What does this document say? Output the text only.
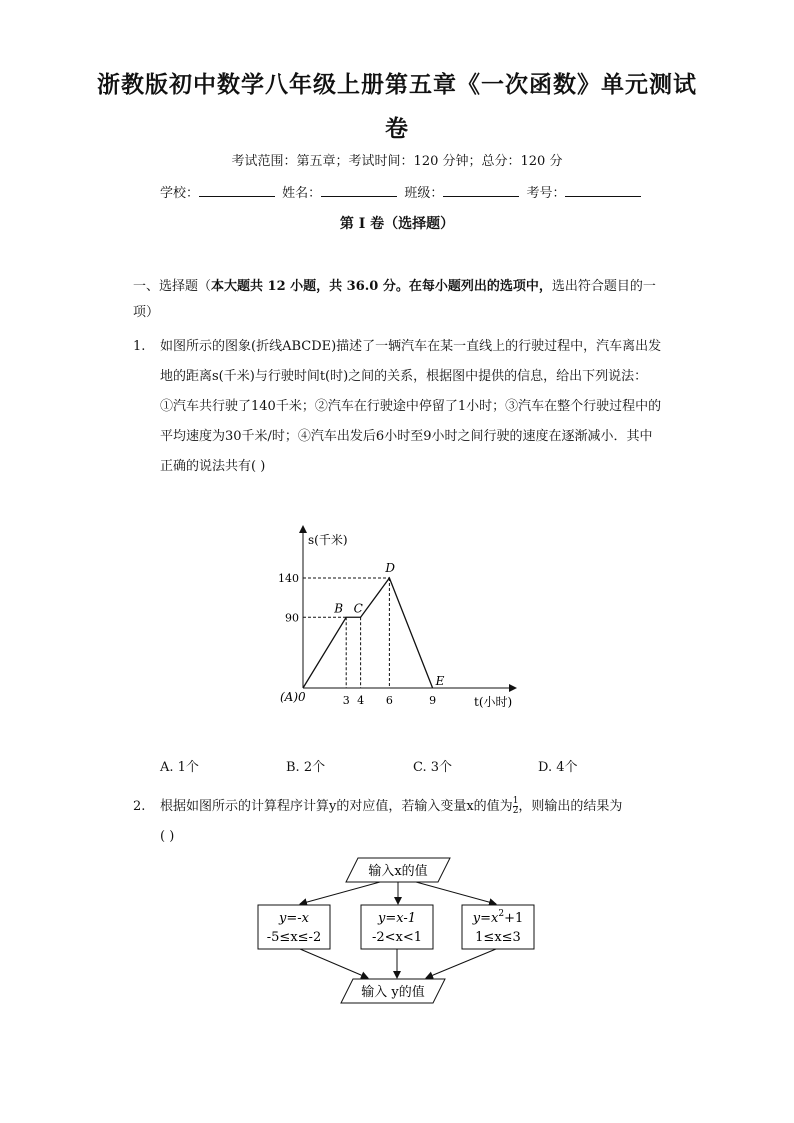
浙教版初中数学八年级上册第五章《一次函数》单元测试
卷
考试范围：第五章；考试时间：120 分钟；总分：120 分
学校：	姓名：	班级：	考号：
第 I 卷（选择题）
一、选择题（本大题共 12 小题，共 36.0 分。在每小题列出的选项中，选出符合题目的一项）
1. 如图所示的图象(折线ABCDE)描述了一辆汽车在某一直线上的行驶过程中，汽车离出发地的距离s(千米)与行驶时间t(时)之间的关系，根据图中提供的信息，给出下列说法：
①汽车共行驶了140千米；②汽车在行驶途中停留了1小时；③汽车在整个行驶过程中的平均速度为30千米/时；④汽车出发后6小时至9小时之间行驶的速度在逐渐减小．其中正确的说法共有( )
s(千米)
t(小时)
90
140
3 4 6	9
(A)0
B C
D
E
A. 1个	B. 2个	C. 3个	D. 4个
2. 根据如图所示的计算程序计算y的对应值，若输入变量x的值为 $\frac{1}{2}$ ，则输出的结果为
( )
输入x的值
y=-x
-5≤x≤-2
y=x-1
-2<x<1
$y=x^2+1$
1≤x≤3
输入 y的值
